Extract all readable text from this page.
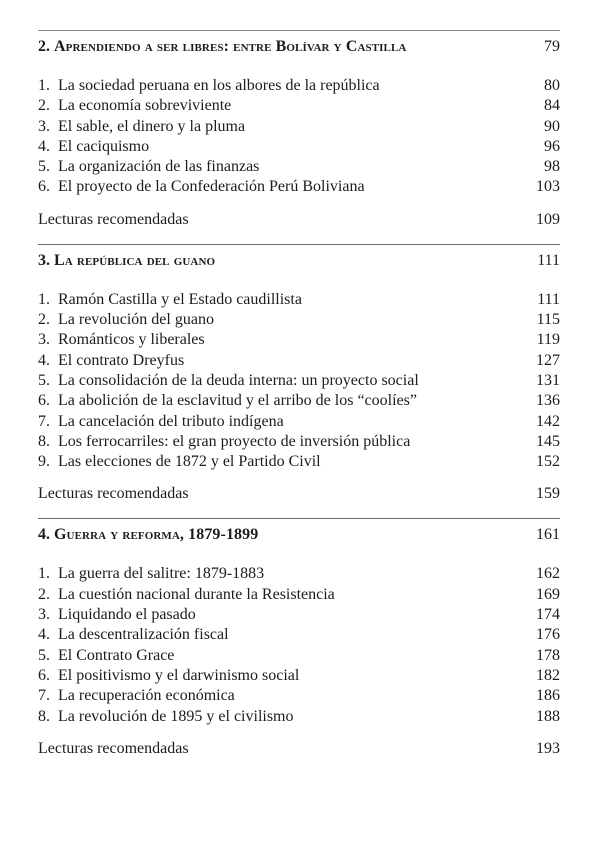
2. Aprendiendo a ser libres: entre Bolívar y Castilla	79
1. La sociedad peruana en los albores de la república	80
2. La economía sobreviviente	84
3. El sable, el dinero y la pluma	90
4. El caciquismo	96
5. La organización de las finanzas	98
6. El proyecto de la Confederación Perú Boliviana	103
Lecturas recomendadas	109
3. La república del guano	111
1. Ramón Castilla y el Estado caudillista	111
2. La revolución del guano	115
3. Románticos y liberales	119
4. El contrato Dreyfus	127
5. La consolidación de la deuda interna: un proyecto social	131
6. La abolición de la esclavitud y el arribo de los “coolíes”	136
7. La cancelación del tributo indígena	142
8. Los ferrocarriles: el gran proyecto de inversión pública	145
9. Las elecciones de 1872 y el Partido Civil	152
Lecturas recomendadas	159
4. Guerra y reforma, 1879-1899	161
1. La guerra del salitre: 1879-1883	162
2. La cuestión nacional durante la Resistencia	169
3. Liquidando el pasado	174
4. La descentralización fiscal	176
5. El Contrato Grace	178
6. El positivismo y el darwinismo social	182
7. La recuperación económica	186
8. La revolución de 1895 y el civilismo	188
Lecturas recomendadas	193
